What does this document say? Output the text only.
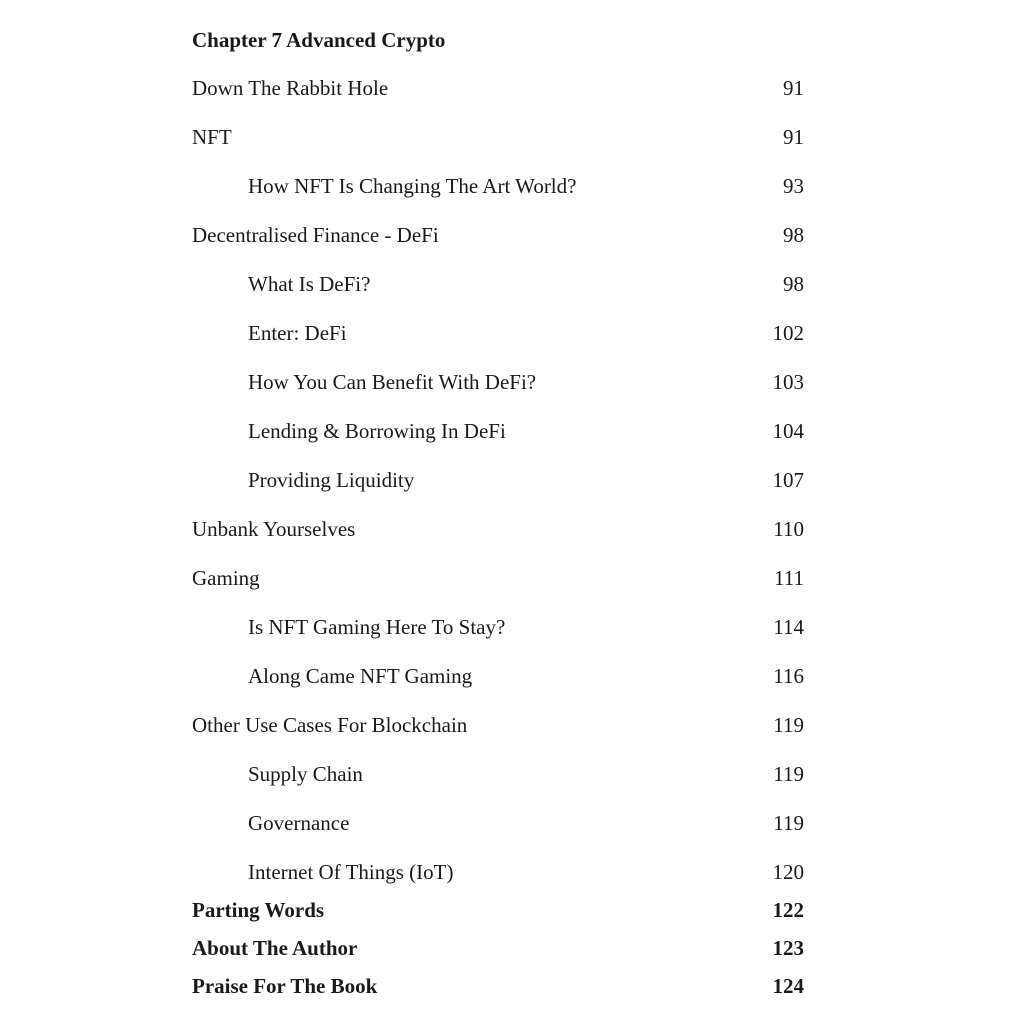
Chapter 7 Advanced Crypto
Down The Rabbit Hole	91
NFT	91
How NFT Is Changing The Art World?	93
Decentralised Finance - DeFi	98
What Is DeFi?	98
Enter: DeFi	102
How You Can Benefit With DeFi?	103
Lending & Borrowing In DeFi	104
Providing Liquidity	107
Unbank Yourselves	110
Gaming	111
Is NFT Gaming Here To Stay?	114
Along Came NFT Gaming	116
Other Use Cases For Blockchain	119
Supply Chain	119
Governance	119
Internet Of Things (IoT)	120
Parting Words	122
About The Author	123
Praise For The Book	124
